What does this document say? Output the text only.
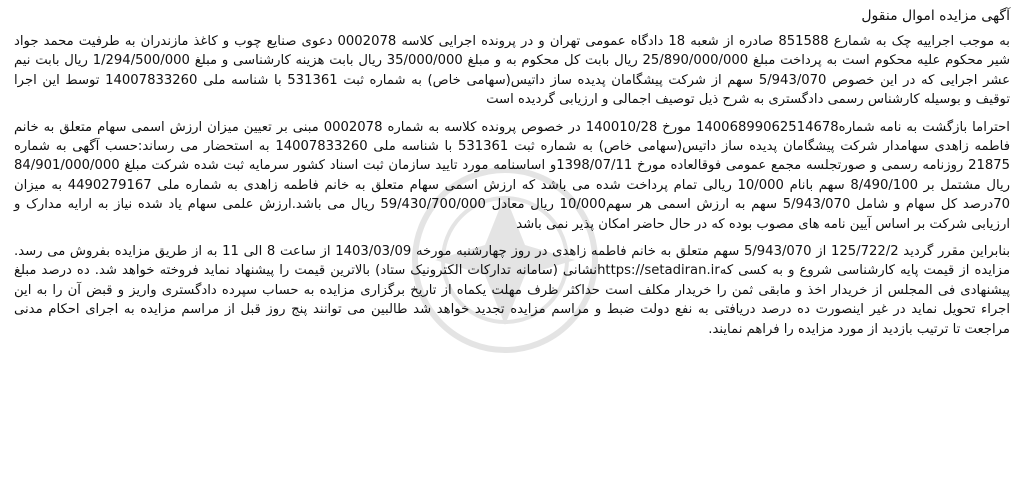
آگهی مزایده اموال منقول
به موجب اجراییه چک به شمارع 851588 صادره از شعبه 18 دادگاه عمومی تهران و در پرونده اجرایی کلاسه 0002078 دعوی صنایع چوب و کاغذ مازندران به طرفیت محمد جواد شیر محکوم علیه محکوم است به پرداخت مبلغ 25/890/000/000 ریال بابت کل محکوم به و مبلغ 35/000/000 ریال بابت هزینه کارشناسی و مبلغ 1/294/500/000 ریال بابت نیم عشر اجرایی که در این خصوص 5/943/070 سهم از شرکت پیشگامان پدیده ساز داتیس(سهامی خاص) به شماره ثبت 531361 با شناسه ملی 14007833260 توسط این اجرا توقیف و بوسیله کارشناس رسمی دادگستری به شرح ذیل توصیف اجمالی و ارزیابی گردیده است
احتراما بازگشت به نامه شماره14006899062514678 مورخ 140010/28 در خصوص پرونده کلاسه به شماره 0002078 مبنی بر تعیین میزان ارزش اسمی سهام متعلق به خانم فاطمه زاهدی سهامدار شرکت پیشگامان پدیده ساز داتیس(سهامی خاص) به شماره ثبت 531361 با شناسه ملی 14007833260 به استحضار می رساند:حسب آگهی به شماره 21875 روزنامه رسمی و صورتجلسه مجمع عمومی فوقالعاده مورخ 1398/07/11و اساسنامه مورد تایید سازمان ثبت اسناد کشور سرمایه ثبت شده شرکت مبلغ 84/901/000/000 ریال مشتمل بر 8/490/100 سهم بانام 10/000 ریالی تمام پرداخت شده می باشد که ارزش اسمی سهام متعلق به خانم فاطمه زاهدی به شماره ملی 4490279167 به میزان 70درصد کل سهام و شامل 5/943/070 سهم به ارزش اسمی هر سهم10/000 ریال معادل 59/430/700/000 ریال می باشد.ارزش علمی سهام یاد شده نیاز به ارایه مدارک و ارزیابی شرکت بر اساس آیین نامه های مصوب بوده که در حال حاضر امکان پذیر نمی باشد
بنابراین مقرر گردید 125/722/2 از 5/943/070 سهم متعلق به خانم فاطمه زاهدی در روز چهارشنبه مورخه 1403/03/09 از ساعت 8 الی 11 به از طریق مزایده بفروش می رسد. مزایده از قیمت پایه کارشناسی شروع و به کسی کهhttps://setadiran.irنشانی (سامانه تدارکات الکترونیک ستاد) بالاترین قیمت را پیشنهاد نماید فروخته خواهد شد. ده درصد مبلغ پیشنهادی فی المجلس از خریدار اخذ و مابقی ثمن را خریدار مکلف است حداکثر ظرف مهلت یکماه از تاریخ برگزاری مزایده به حساب سپرده دادگستری واریز و قبض آن را به این اجراء تحویل نماید در غیر اینصورت ده درصد دریافتی به نفع دولت ضبط و مراسم مزایده تجدید خواهد شد طالبین می توانند پنج روز قبل از مراسم مزایده به اجرای احکام مدنی مراجعت تا ترتیب بازدید از مورد مزایده را فراهم نمایند.
